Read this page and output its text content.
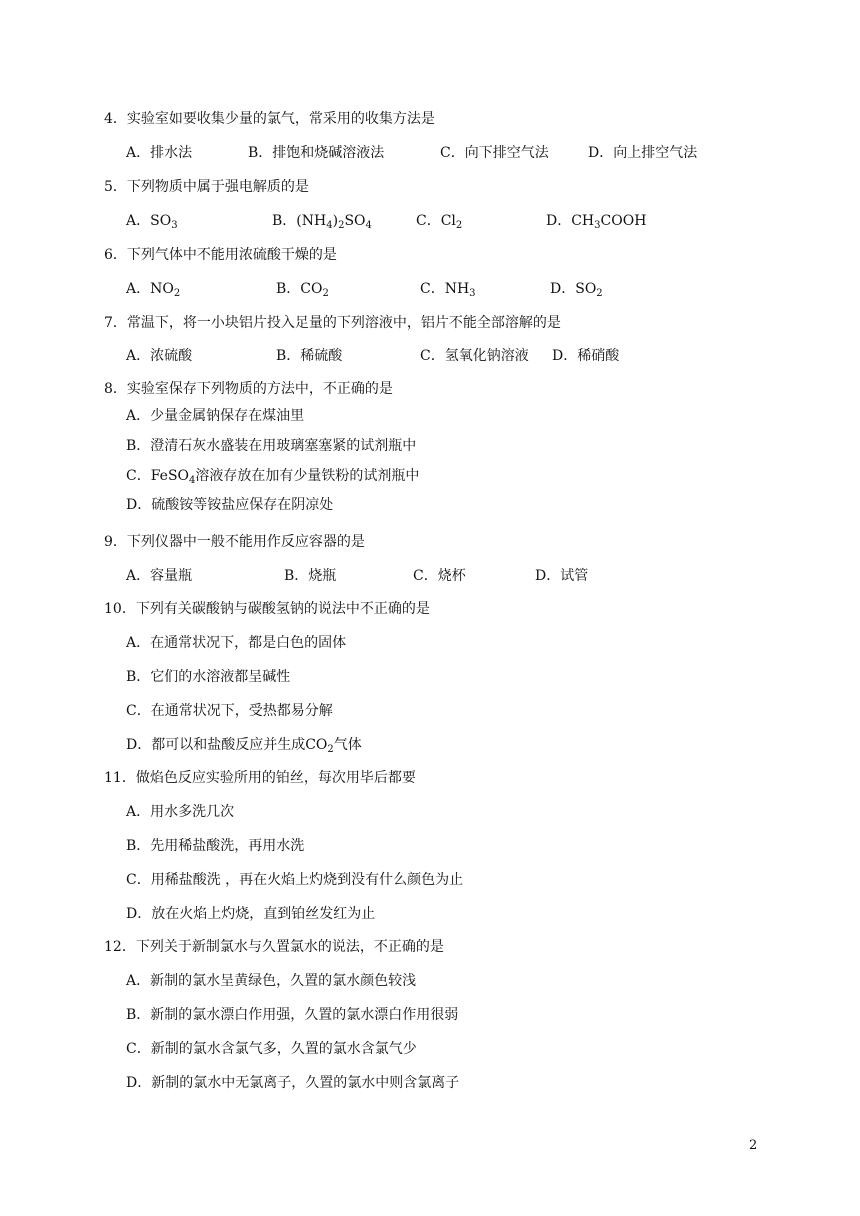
4．实验室如要收集少量的氯气，常采用的收集方法是
A．排水法	B．排饱和烧碱溶液法	C．向下排空气法	D．向上排空气法
5．下列物质中属于强电解质的是
A．$SO_3$	B．$(NH_4)_2SO_4$	C．$Cl_2$	D．$CH_3COOH$
6．下列气体中不能用浓硫酸干燥的是
A．$NO_2$	B．$CO_2$	C．$NH_3$	D．$SO_2$
7．常温下，将一小块铝片投入足量的下列溶液中，铝片不能全部溶解的是
A．浓硫酸	B．稀硫酸	C．氢氧化钠溶液 D．稀硝酸
8．实验室保存下列物质的方法中，不正确的是
A．少量金属钠保存在煤油里
B．澄清石灰水盛装在用玻璃塞塞紧的试剂瓶中
C．FeSO$_4$溶液存放在加有少量铁粉的试剂瓶中
D．硫酸铵等铵盐应保存在阴凉处
9．下列仪器中一般不能用作反应容器的是
A．容量瓶	B．烧瓶	C．烧杯	D．试管
10．下列有关碳酸钠与碳酸氢钠的说法中不正确的是
A．在通常状况下，都是白色的固体
B．它们的水溶液都呈碱性
C．在通常状况下，受热都易分解
D．都可以和盐酸反应并生成$CO_2$气体
11．做焰色反应实验所用的铂丝，每次用毕后都要
A．用水多洗几次
B．先用稀盐酸洗，再用水洗
C．用稀盐酸洗 ，再在火焰上灼烧到没有什么颜色为止
D．放在火焰上灼烧，直到铂丝发红为止
12．下列关于新制氯水与久置氯水的说法，不正确的是
A．新制的氯水呈黄绿色，久置的氯水颜色较浅
B．新制的氯水漂白作用强，久置的氯水漂白作用很弱
C．新制的氯水含氯气多，久置的氯水含氯气少
D．新制的氯水中无氯离子，久置的氯水中则含氯离子
2
